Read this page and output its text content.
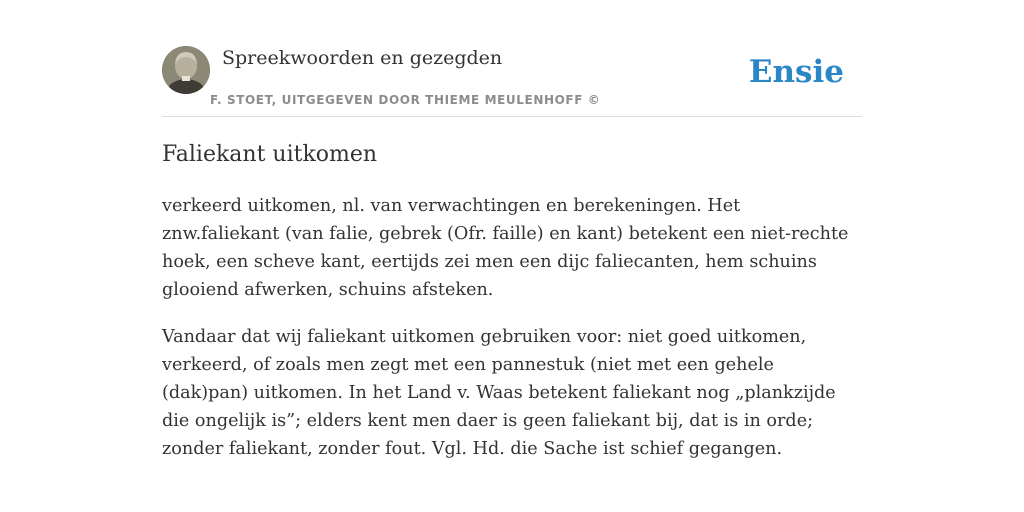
Spreekwoorden en gezegden
F. STOET, UITGEGEVEN DOOR THIEME MEULENHOFF ©
Ensie
Faliekant uitkomen

verkeerd uitkomen, nl. van verwachtingen en berekeningen. Het znw.faliekant (van falie, gebrek (Ofr. faille) en kant) betekent een niet-rechte hoek, een scheve kant, eertijds zei men een dijc faliecanten, hem schuins glooiend afwerken, schuins afsteken.

Vandaar dat wij faliekant uitkomen gebruiken voor: niet goed uitkomen, verkeerd, of zoals men zegt met een pannestuk (niet met een gehele (dak)pan) uitkomen. In het Land v. Waas betekent faliekant nog „plankzijde die ongelijk is”; elders kent men daer is geen faliekant bij, dat is in orde; zonder faliekant, zonder fout. Vgl. Hd. die Sache ist schief gegangen.
